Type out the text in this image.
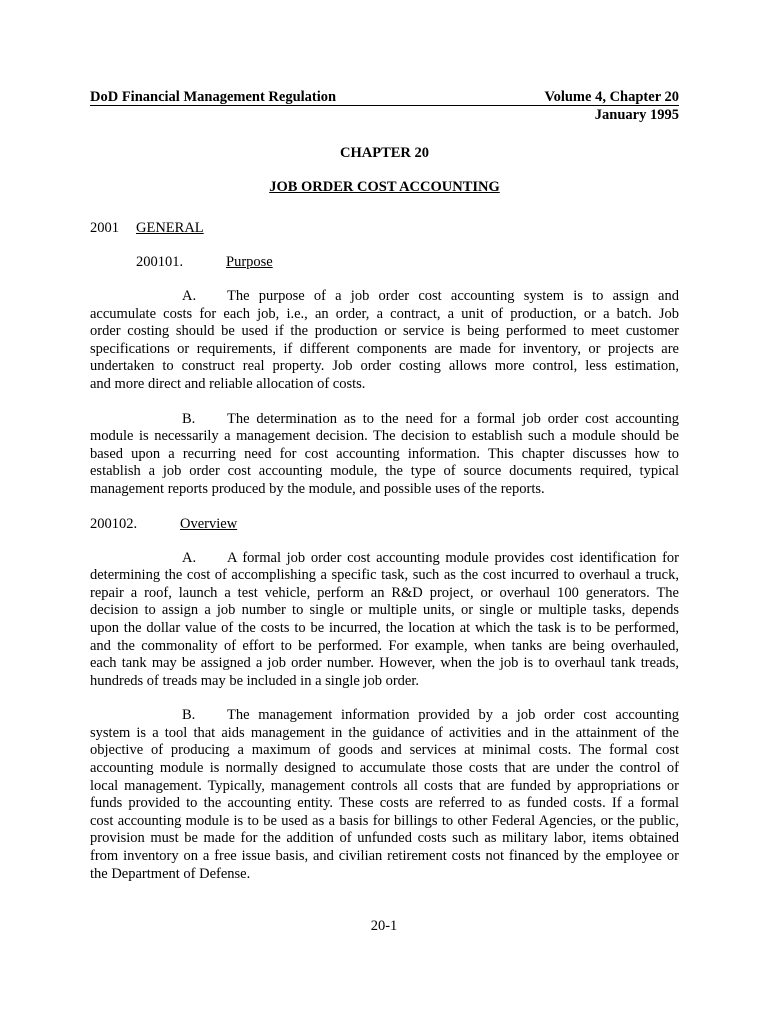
DoD Financial Management Regulation	Volume 4, Chapter 20
January 1995
CHAPTER 20
JOB ORDER COST ACCOUNTING
2001 GENERAL
200101.	Purpose

A. The purpose of a job order cost accounting system is to assign and

accumulate costs for each job, i.e., an order, a contract, a unit of production, or a batch. Job

order costing should be used if the production or service is being performed to meet customer

specifications or requirements, if different components are made for inventory, or projects are

undertaken to construct real property. Job order costing allows more control, less estimation,

and more direct and reliable allocation of costs.

B. The determination as to the need for a formal job order cost accounting

module is necessarily a management decision. The decision to establish such a module should be

based upon a recurring need for cost accounting information. This chapter discusses how to

establish a job order cost accounting module, the type of source documents required, typical

management reports produced by the module, and possible uses of the reports.

200102.	Overview

A. A formal job order cost accounting module provides cost identification for

determining the cost of accomplishing a specific task, such as the cost incurred to overhaul a truck,

repair a roof, launch a test vehicle, perform an R&D project, or overhaul 100 generators. The

decision to assign a job number to single or multiple units, or single or multiple tasks, depends

upon the dollar value of the costs to be incurred, the location at which the task is to be performed,

and the commonality of effort to be performed. For example, when tanks are being overhauled,

each tank may be assigned a job order number. However, when the job is to overhaul tank treads,

hundreds of treads may be included in a single job order.

B. The management information provided by a job order cost accounting

system is a tool that aids management in the guidance of activities and in the attainment of the

objective of producing a maximum of goods and services at minimal costs. The formal cost

accounting module is normally designed to accumulate those costs that are under the control of

local management. Typically, management controls all costs that are funded by appropriations or

funds provided to the accounting entity. These costs are referred to as funded costs. If a formal

cost accounting module is to be used as a basis for billings to other Federal Agencies, or the public,

provision must be made for the addition of unfunded costs such as military labor, items obtained

from inventory on a free issue basis, and civilian retirement costs not financed by the employee or

the Department of Defense.

20-1
